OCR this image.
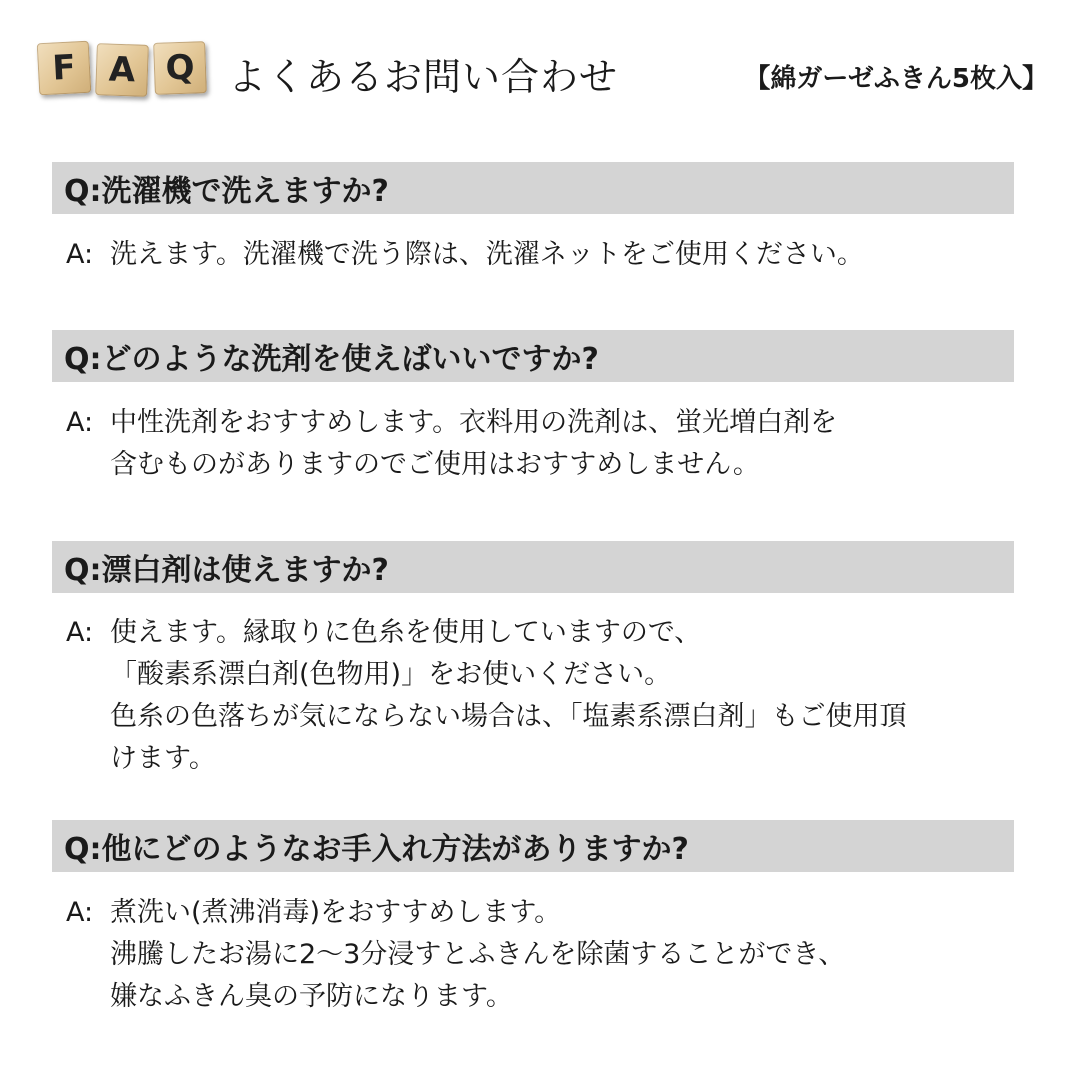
F A Q よくあるお問い合わせ	【綿ガーゼふきん5枚入】
Q:洗濯機で洗えますか?
A: 洗えます。洗濯機で洗う際は、洗濯ネットをご使用ください。
Q:どのような洗剤を使えばいいですか?
A: 中性洗剤をおすすめします。衣料用の洗剤は、蛍光増白剤を
含むものがありますのでご使用はおすすめしません。
Q:漂白剤は使えますか?
A: 使えます。縁取りに色糸を使用していますので、
「酸素系漂白剤(色物用)」をお使いください。
色糸の色落ちが気にならない場合は、「塩素系漂白剤」もご使用頂
けます。
Q:他にどのようなお手入れ方法がありますか?
A: 煮洗い(煮沸消毒)をおすすめします。
沸騰したお湯に2〜3分浸すとふきんを除菌することができ、
嫌なふきん臭の予防になります。
